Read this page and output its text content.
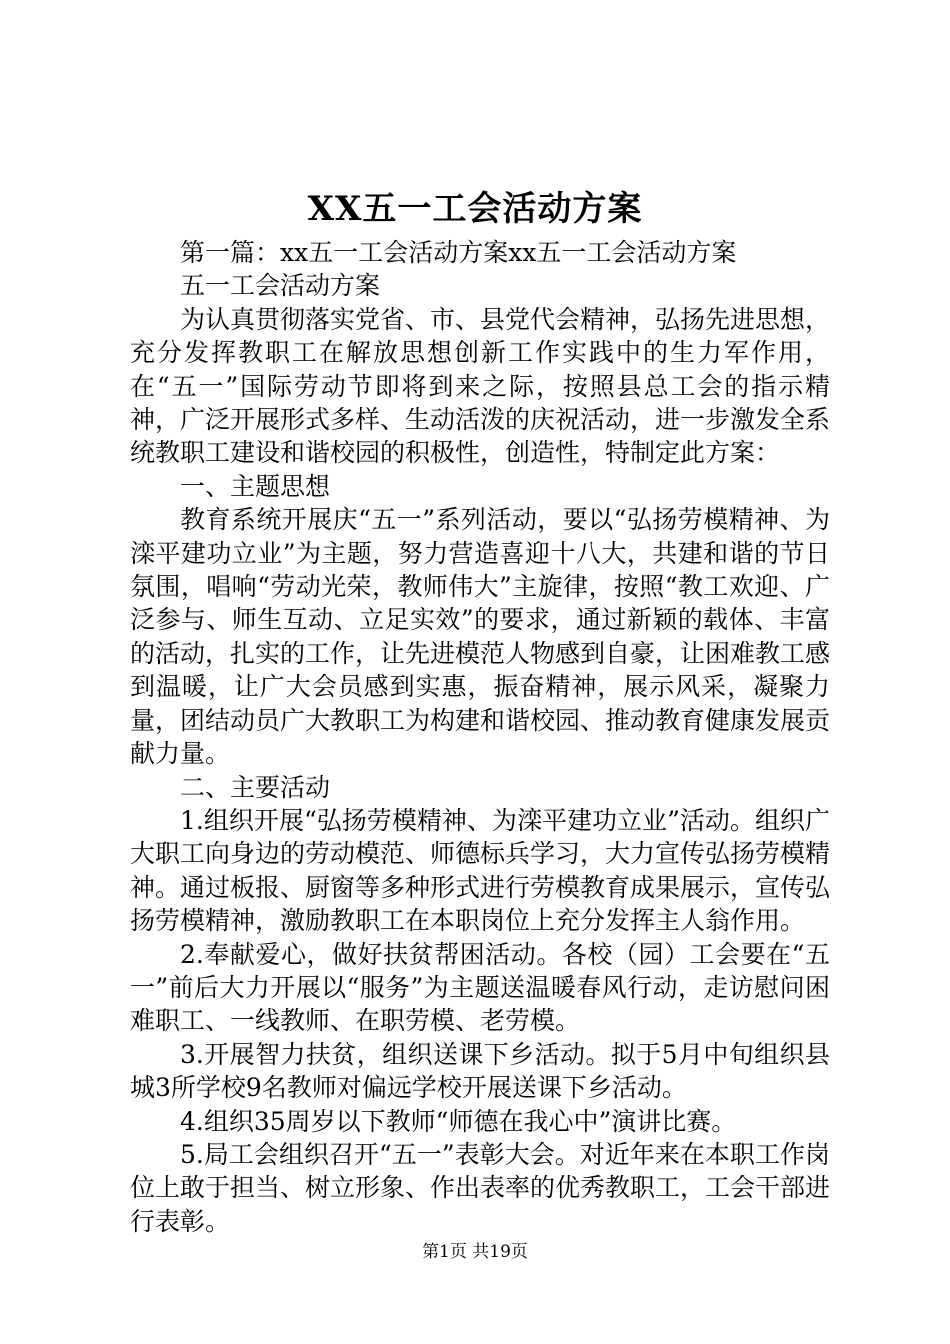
XX五一工会活动方案

第一篇：xx五一工会活动方案xx五一工会活动方案

五一工会活动方案

为认真贯彻落实党省、市、县党代会精神，弘扬先进思想，充分发挥教职工在解放思想创新工作实践中的生力军作用，在“五一”国际劳动节即将到来之际，按照县总工会的指示精神，广泛开展形式多样、生动活泼的庆祝活动，进一步激发全系统教职工建设和谐校园的积极性，创造性，特制定此方案：

一、主题思想

教育系统开展庆“五一”系列活动，要以“弘扬劳模精神、为滦平建功立业”为主题，努力营造喜迎十八大，共建和谐的节日氛围，唱响“劳动光荣，教师伟大”主旋律，按照“教工欢迎、广泛参与、师生互动、立足实效”的要求，通过新颖的载体、丰富的活动，扎实的工作，让先进模范人物感到自豪，让困难教工感到温暖，让广大会员感到实惠，振奋精神，展示风采，凝聚力量，团结动员广大教职工为构建和谐校园、推动教育健康发展贡献力量。

二、主要活动

1.组织开展“弘扬劳模精神、为滦平建功立业”活动。组织广大职工向身边的劳动模范、师德标兵学习，大力宣传弘扬劳模精神。通过板报、厨窗等多种形式进行劳模教育成果展示，宣传弘扬劳模精神，激励教职工在本职岗位上充分发挥主人翁作用。

2.奉献爱心，做好扶贫帮困活动。各校（园）工会要在“五一”前后大力开展以“服务”为主题送温暖春风行动，走访慰问困难职工、一线教师、在职劳模、老劳模。

3.开展智力扶贫，组织送课下乡活动。拟于5月中旬组织县城3所学校9名教师对偏远学校开展送课下乡活动。

4.组织35周岁以下教师“师德在我心中”演讲比赛。

5.局工会组织召开“五一”表彰大会。对近年来在本职工作岗位上敢于担当、树立形象、作出表率的优秀教职工，工会干部进行表彰。

第1页 共19页
